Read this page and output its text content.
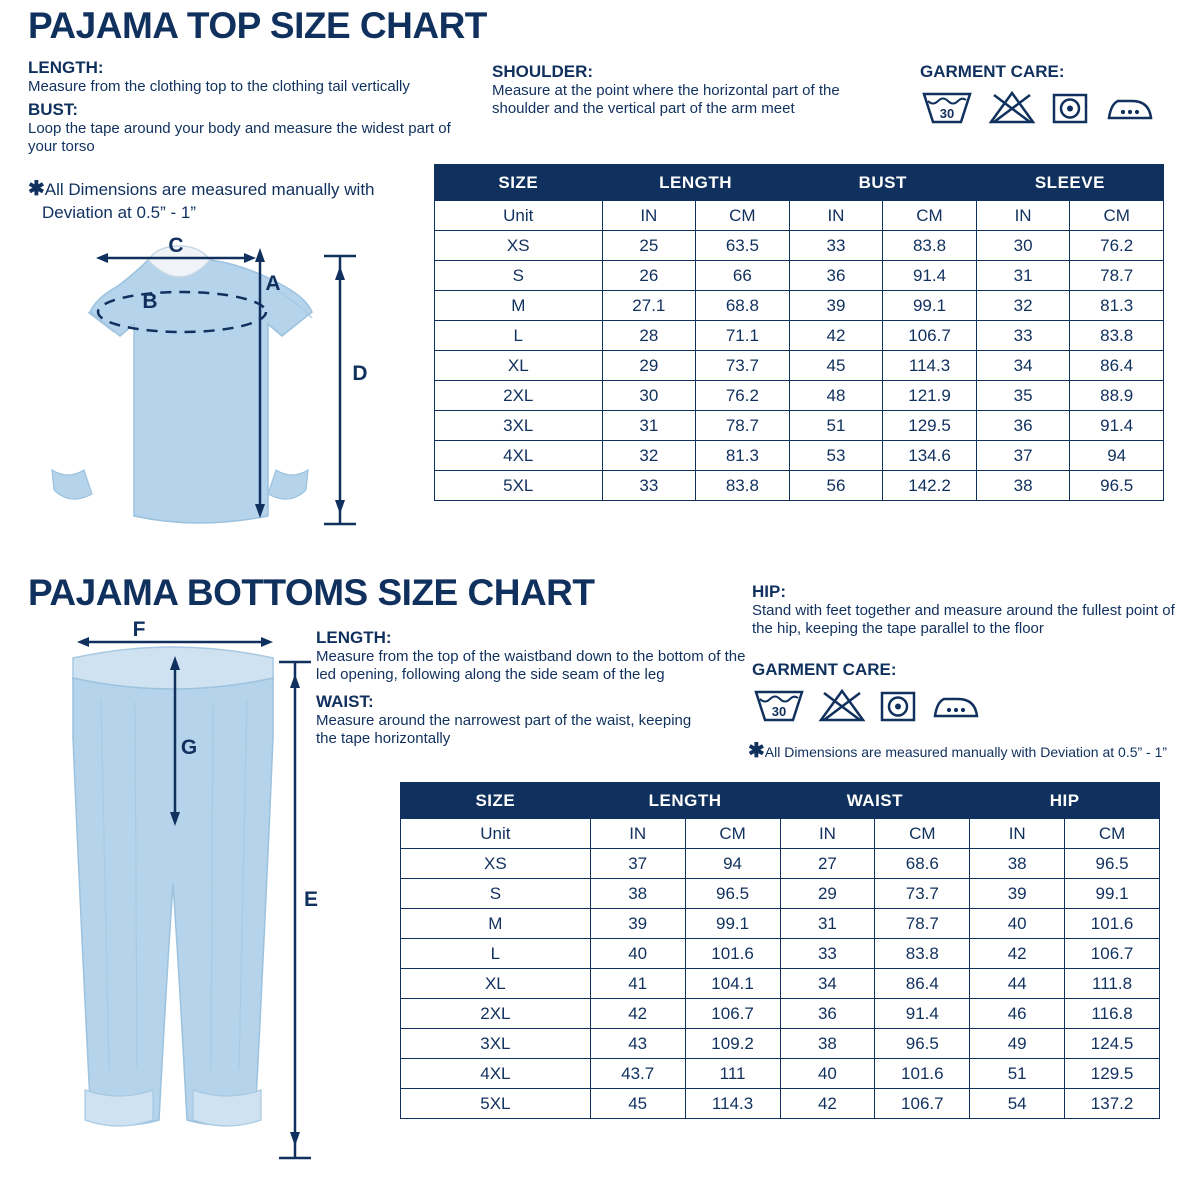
PAJAMA TOP SIZE CHART
LENGTH:
Measure from the clothing top to the clothing tail vertically
BUST:
Loop the tape around your body and measure the widest part of your torso
✱All Dimensions are measured manually with
Deviation at 0.5” - 1”
SHOULDER:
Measure at the point where the horizontal part of the shoulder and the vertical part of the arm meet
GARMENT CARE:
30
C
A
B
D
SIZE	LENGTH		BUST		SLEEVE	
Unit	IN	CM	IN	CM	IN	CM
XS	25	63.5	33	83.8	30	76.2
S	26	66	36	91.4	31	78.7
M	27.1	68.8	39	99.1	32	81.3
L	28	71.1	42	106.7	33	83.8
XL	29	73.7	45	114.3	34	86.4
2XL	30	76.2	48	121.9	35	88.9
3XL	31	78.7	51	129.5	36	91.4
4XL	32	81.3	53	134.6	37	94
5XL	33	83.8	56	142.2	38	96.5
PAJAMA BOTTOMS SIZE CHART
LENGTH:
Measure from the top of the waistband down to the bottom of the led opening, following along the side seam of the leg
WAIST:
Measure around the narrowest part of the waist, keeping the tape horizontally
HIP:
Stand with feet together and measure around the fullest point of the hip, keeping the tape parallel to the floor
GARMENT CARE:
30
✱All Dimensions are measured manually with Deviation at 0.5” - 1”
F
G
E
SIZE	LENGTH		WAIST		HIP	
Unit	IN	CM	IN	CM	IN	CM
XS	37	94	27	68.6	38	96.5
S	38	96.5	29	73.7	39	99.1
M	39	99.1	31	78.7	40	101.6
L	40	101.6	33	83.8	42	106.7
XL	41	104.1	34	86.4	44	111.8
2XL	42	106.7	36	91.4	46	116.8
3XL	43	109.2	38	96.5	49	124.5
4XL	43.7	111	40	101.6	51	129.5
5XL	45	114.3	42	106.7	54	137.2
